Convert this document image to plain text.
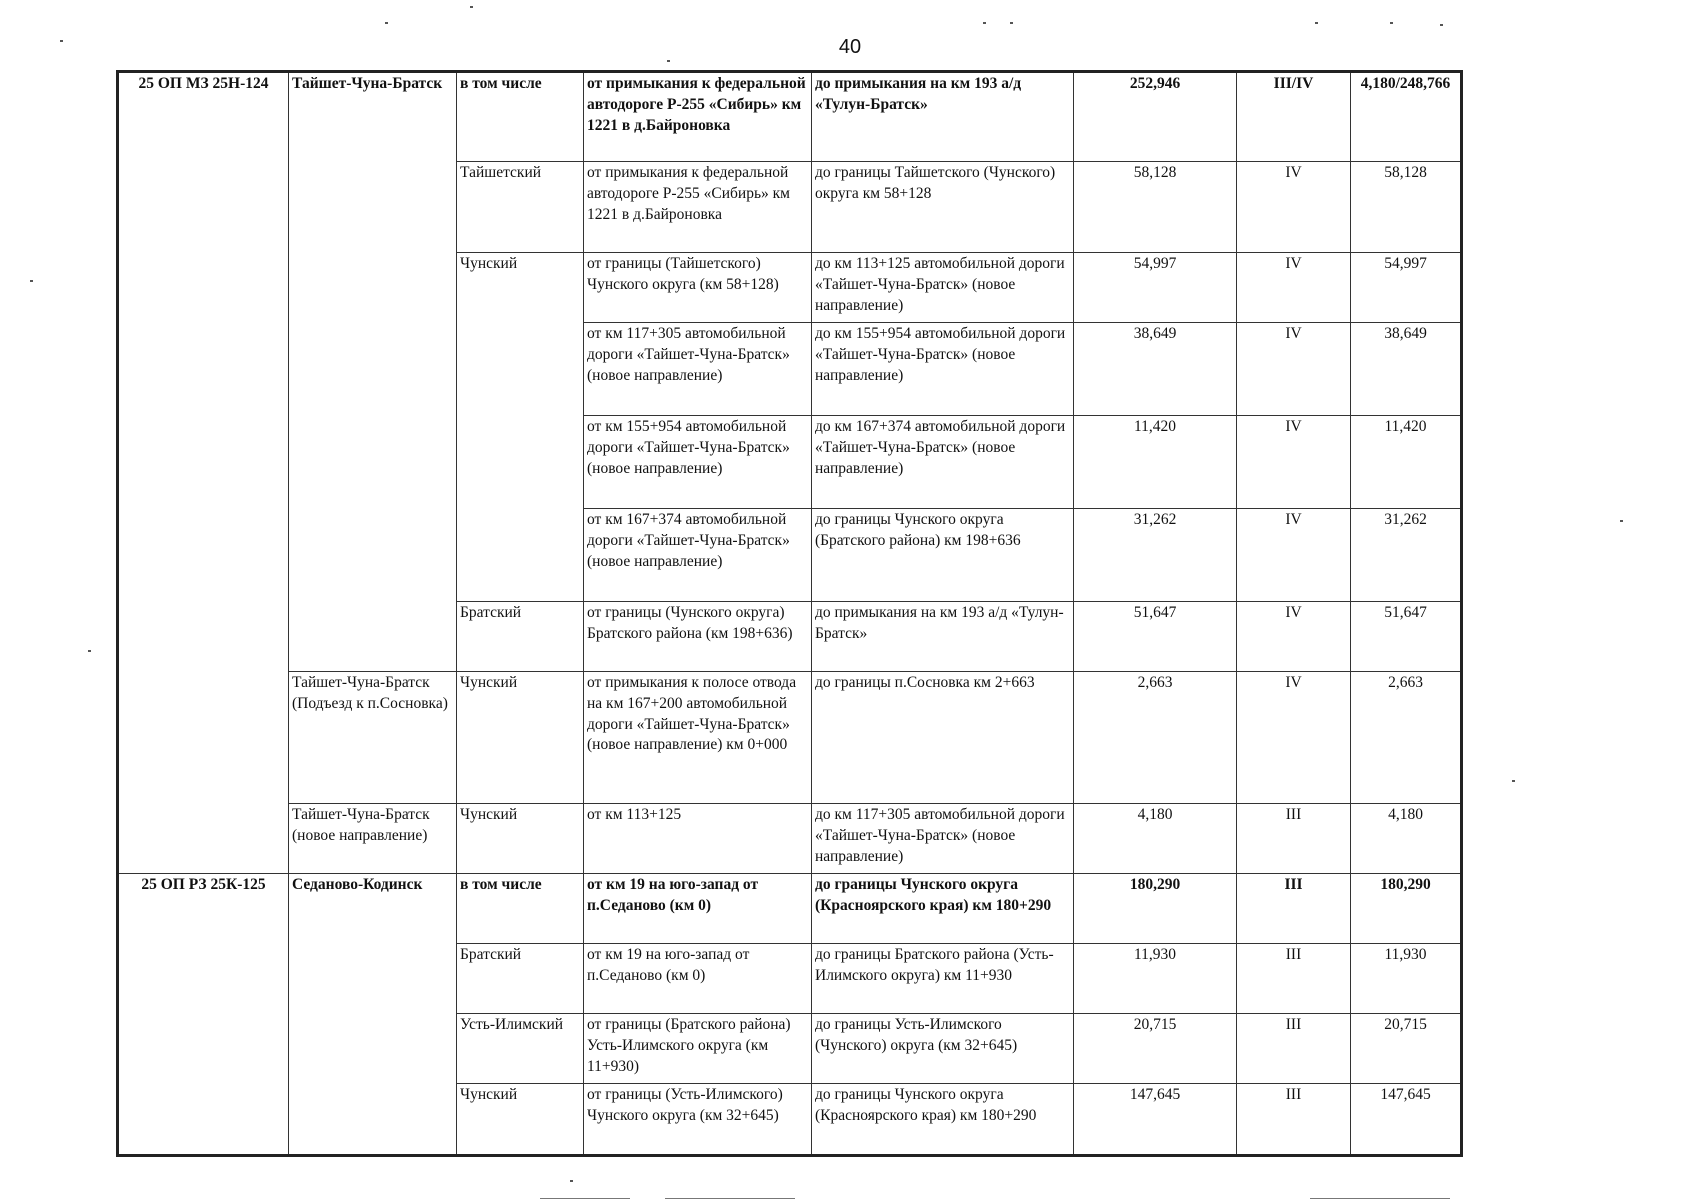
40
25 ОП МЗ 25Н-124	Тайшет-Чуна-Братск	в том числе	от примыкания к федеральной автодороге Р-255 «Сибирь» км 1221 в д.Байроновка	до примыкания на км 193 а/д «Тулун-Братск»	252,946	III/IV	4,180/248,766
		Тайшетский	от примыкания к федеральной автодороге Р-255 «Сибирь» км 1221 в д.Байроновка	до границы Тайшетского (Чунского) округа км 58+128	58,128	IV	58,128
		Чунский	от границы (Тайшетского) Чунского округа (км 58+128)	до км 113+125 автомобильной дороги «Тайшет-Чуна-Братск» (новое направление)	54,997	IV	54,997
			от км 117+305 автомобильной дороги «Тайшет-Чуна-Братск» (новое направление)	до км 155+954 автомобильной дороги «Тайшет-Чуна-Братск» (новое направление)	38,649	IV	38,649
			от км 155+954 автомобильной дороги «Тайшет-Чуна-Братск» (новое направление)	до км 167+374 автомобильной дороги «Тайшет-Чуна-Братск» (новое направление)	11,420	IV	11,420
			от км 167+374 автомобильной дороги «Тайшет-Чуна-Братск» (новое направление)	до границы Чунского округа (Братского района) км 198+636	31,262	IV	31,262
		Братский	от границы (Чунского округа) Братского района (км 198+636)	до примыкания на км 193 а/д «Тулун-Братск»	51,647	IV	51,647
	Тайшет-Чуна-Братск (Подъезд к п.Сосновка)	Чунский	от примыкания к полосе отвода на км 167+200 автомобильной дороги «Тайшет-Чуна-Братск» (новое направление) км 0+000	до границы п.Сосновка км 2+663	2,663	IV	2,663
	Тайшет-Чуна-Братск (новое направление)	Чунский	от км 113+125	до км 117+305 автомобильной дороги «Тайшет-Чуна-Братск» (новое направление)	4,180	III	4,180
25 ОП РЗ 25К-125	Седаново-Кодинск	в том числе	от км 19 на юго-запад от п.Седаново (км 0)	до границы Чунского округа (Красноярского края) км 180+290	180,290	III	180,290
		Братский	от км 19 на юго-запад от п.Седаново (км 0)	до границы Братского района (Усть-Илимского округа) км 11+930	11,930	III	11,930
		Усть-Илимский	от границы (Братского района) Усть-Илимского округа (км 11+930)	до границы Усть-Илимского (Чунского) округа (км 32+645)	20,715	III	20,715
		Чунский	от границы (Усть-Илимского) Чунского округа (км 32+645)	до границы Чунского округа (Красноярского края) км 180+290	147,645	III	147,645
